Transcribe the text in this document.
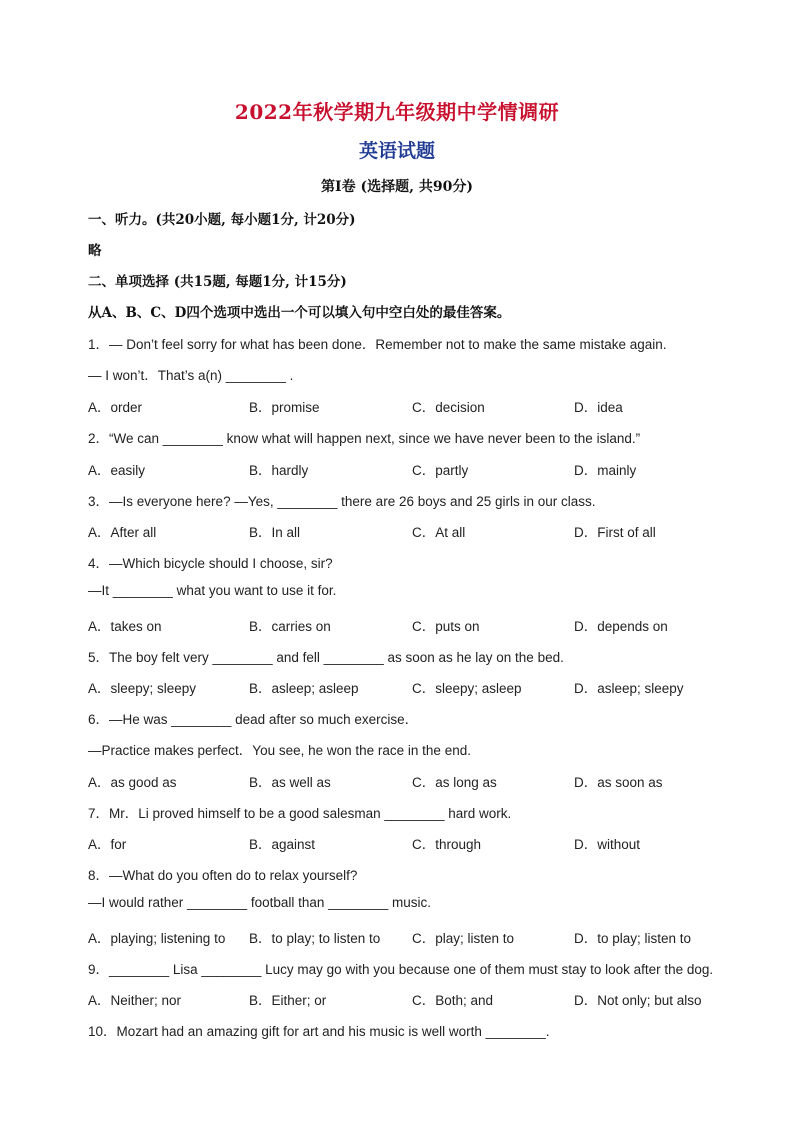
2022年秋学期九年级期中学情调研
英语试题
第Ⅰ卷 (选择题, 共90分)
一、听力。(共20小题, 每小题1分, 计20分)
略
二、单项选择 (共15题, 每题1分, 计15分)
从A、B、C、D四个选项中选出一个可以填入句中空白处的最佳答案。
1．— Don’t feel sorry for what has been done．Remember not to make the same mistake again.
— I won’t．That’s a(n) ________ .
A．order	B．promise	C．decision	D．idea
2．“We can ________ know what will happen next, since we have never been to the island.”
A．easily	B．hardly	C．partly	D．mainly
3．—Is everyone here? —Yes, ________ there are 26 boys and 25 girls in our class.
A．After all	B．In all	C．At all	D．First of all
4．—Which bicycle should I choose, sir?
—It ________ what you want to use it for.
A．takes on	B．carries on	C．puts on	D．depends on
5．The boy felt very ________ and fell ________ as soon as he lay on the bed.
A．sleepy; sleepy	B．asleep; asleep	C．sleepy; asleep	D．asleep; sleepy
6．—He was ________ dead after so much exercise．
—Practice makes perfect．You see, he won the race in the end.
A．as good as	B．as well as	C．as long as	D．as soon as
7．Mr．Li proved himself to be a good salesman ________ hard work.
A．for	B．against	C．through	D．without
8．—What do you often do to relax yourself?
—I would rather ________ football than ________ music.
A．playing; listening to B．to play; to listen to C．play; listen to	D．to play; listen to
9．________ Lisa ________ Lucy may go with you because one of them must stay to look after the dog.
A．Neither; nor	B．Either; or	C．Both; and	D．Not only; but also
10．Mozart had an amazing gift for art and his music is well worth ________.
